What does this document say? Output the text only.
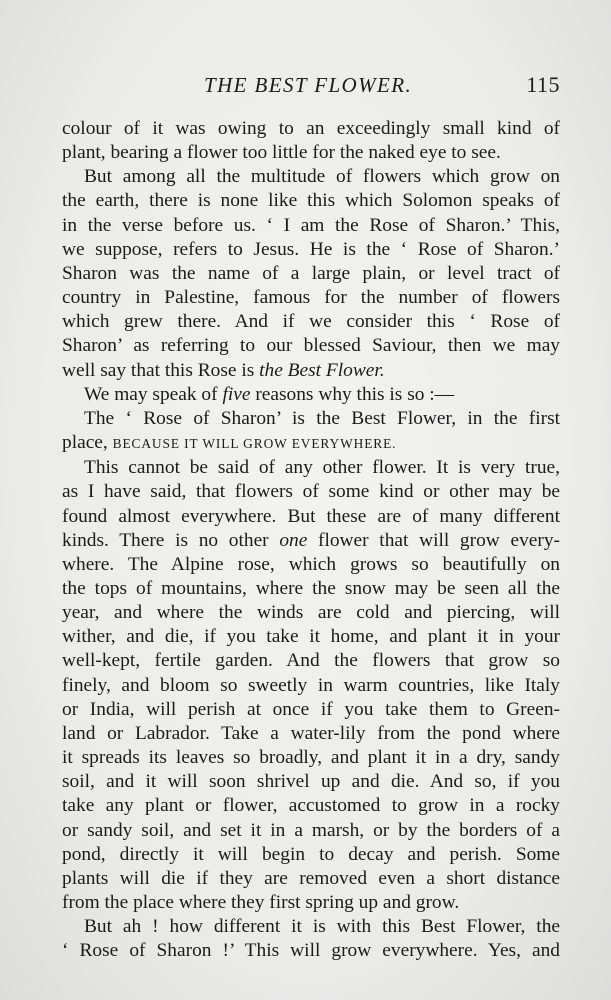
THE BEST FLOWER.	115
colour of it was owing to an exceedingly small kind of
plant, bearing a flower too little for the naked eye to see.
But among all the multitude of flowers which grow on
the earth, there is none like this which Solomon speaks of
in the verse before us. ‘ I am the Rose of Sharon.’ This,
we suppose, refers to Jesus. He is the ‘ Rose of Sharon.’
Sharon was the name of a large plain, or level tract of
country in Palestine, famous for the number of flowers
which grew there. And if we consider this ‘ Rose of
Sharon’ as referring to our blessed Saviour, then we may
well say that this Rose is the Best Flower.
We may speak of five reasons why this is so :—
The ‘ Rose of Sharon’ is the Best Flower, in the first
place, BECAUSE IT WILL GROW EVERYWHERE.
This cannot be said of any other flower. It is very true,
as I have said, that flowers of some kind or other may be
found almost everywhere. But these are of many different
kinds. There is no other one flower that will grow every-
where. The Alpine rose, which grows so beautifully on
the tops of mountains, where the snow may be seen all the
year, and where the winds are cold and piercing, will
wither, and die, if you take it home, and plant it in your
well-kept, fertile garden. And the flowers that grow so
finely, and bloom so sweetly in warm countries, like Italy
or India, will perish at once if you take them to Green-
land or Labrador. Take a water-lily from the pond where
it spreads its leaves so broadly, and plant it in a dry, sandy
soil, and it will soon shrivel up and die. And so, if you
take any plant or flower, accustomed to grow in a rocky
or sandy soil, and set it in a marsh, or by the borders of a
pond, directly it will begin to decay and perish. Some
plants will die if they are removed even a short distance
from the place where they first spring up and grow.
But ah ! how different it is with this Best Flower, the
‘ Rose of Sharon !’ This will grow everywhere. Yes, and
